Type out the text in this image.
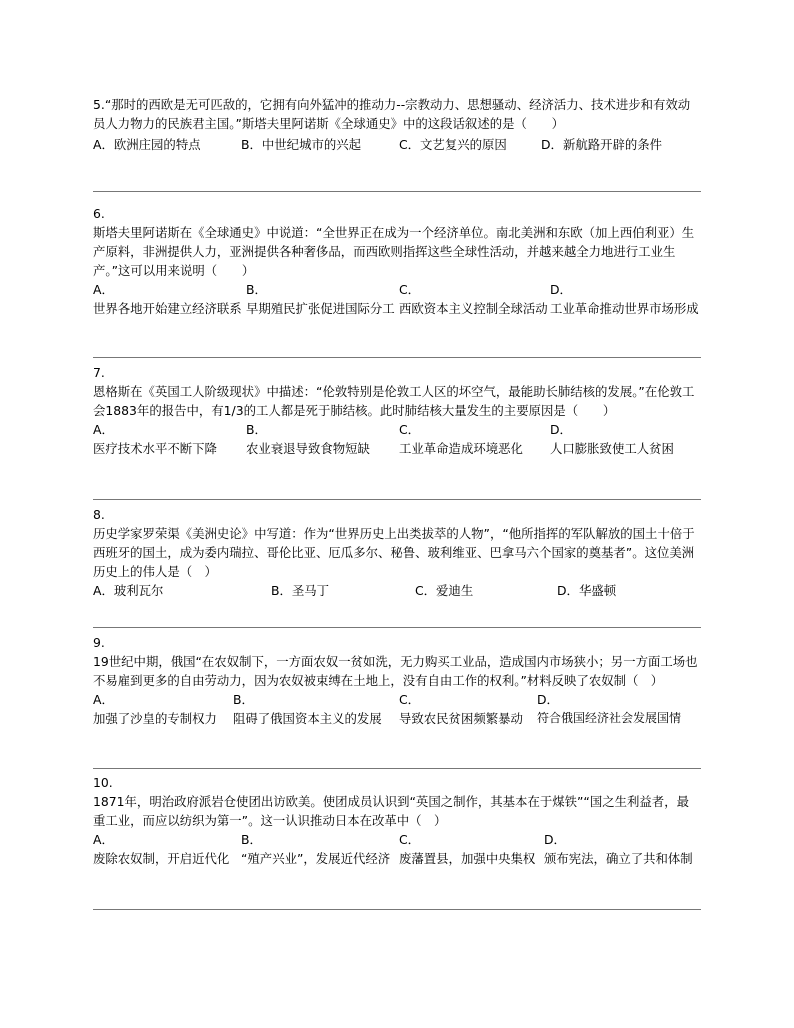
5.“那时的西欧是无可匹敌的，它拥有向外猛冲的推动力--宗教动力、思想骚动、经济活力、技术进步和有效动员人力物力的民族君主国。”斯塔夫里阿诺斯《全球通史》中的这段话叙述的是（　　）

A．欧洲庄园的特点	B．中世纪城市的兴起	C．文艺复兴的原因	D．新航路开辟的条件
6.

斯塔夫里阿诺斯在《全球通史》中说道：“全世界正在成为一个经济单位。南北美洲和东欧（加上西伯利亚）生产原料，非洲提供人力，亚洲提供各种奢侈品，而西欧则指挥这些全球性活动，并越来越全力地进行工业生产。”这可以用来说明（　　）

A．
世界各地开始建立经济联系
B．
早期殖民扩张促进国际分工
C．
西欧资本主义控制全球活动
D．
工业革命推动世界市场形成
7.

恩格斯在《英国工人阶级现状》中描述：“伦敦特别是伦敦工人区的坏空气，最能助长肺结核的发展。”在伦敦工会1883年的报告中，有1/3的工人都是死于肺结核。此时肺结核大量发生的主要原因是（　　）

A．
医疗技术水平不断下降
B．
农业衰退导致食物短缺
C．
工业革命造成环境恶化
D．
人口膨胀致使工人贫困
8.

历史学家罗荣渠《美洲史论》中写道：作为“世界历史上出类拔萃的人物”，“他所指挥的军队解放的国土十倍于西班牙的国土，成为委内瑞拉、哥伦比亚、厄瓜多尔、秘鲁、玻利维亚、巴拿马六个国家的奠基者”。这位美洲历史上的伟人是（　）

A．玻利瓦尔	B．圣马丁	C．爱迪生	D．华盛顿
9.

19世纪中期，俄国“在农奴制下，一方面农奴一贫如洗，无力购买工业品，造成国内市场狭小；另一方面工场也不易雇到更多的自由劳动力，因为农奴被束缚在土地上，没有自由工作的权利。”材料反映了农奴制（　）

A．
加强了沙皇的专制权力
B．
阻碍了俄国资本主义的发展
C．
导致农民贫困频繁暴动
D．
符合俄国经济社会发展国情
10.

1871年，明治政府派岩仓使团出访欧美。使团成员认识到“英国之制作，其基本在于煤铁”“国之生利益者，最重工业，而应以纺织为第一”。这一认识推动日本在改革中（　）

A．
废除农奴制，开启近代化
B．
“殖产兴业”，发展近代经济
C．
废藩置县，加强中央集权
D．
颁布宪法，确立了共和体制
